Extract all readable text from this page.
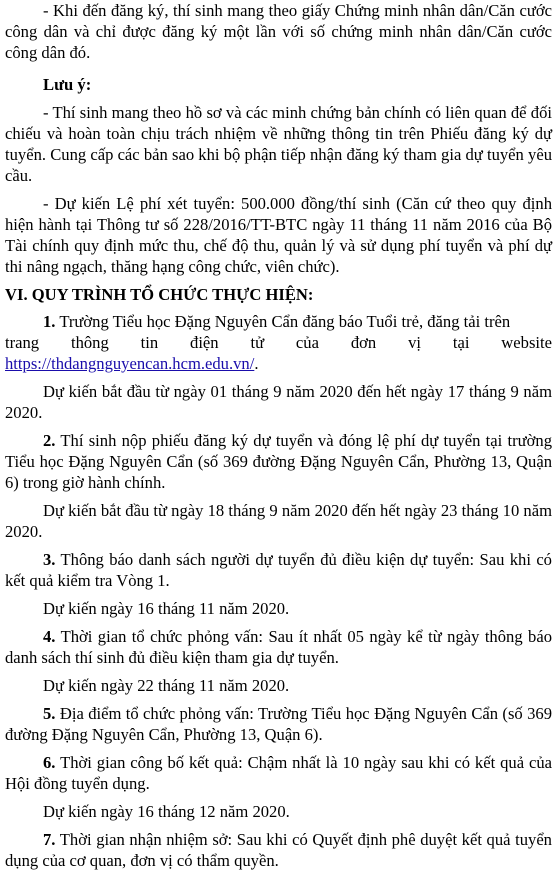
- Khi đến đăng ký, thí sinh mang theo giấy Chứng minh nhân dân/Căn cước công dân và chỉ được đăng ký một lần với số chứng minh nhân dân/Căn cước công dân đó.

Lưu ý:

- Thí sinh mang theo hồ sơ và các minh chứng bản chính có liên quan để đối chiếu và hoàn toàn chịu trách nhiệm về những thông tin trên Phiếu đăng ký dự tuyển. Cung cấp các bản sao khi bộ phận tiếp nhận đăng ký tham gia dự tuyển yêu cầu.

- Dự kiến Lệ phí xét tuyển: 500.000 đồng/thí sinh (Căn cứ theo quy định hiện hành tại Thông tư số 228/2016/TT-BTC ngày 11 tháng 11 năm 2016 của Bộ Tài chính quy định mức thu, chế độ thu, quản lý và sử dụng phí tuyển và phí dự thi nâng ngạch, thăng hạng công chức, viên chức).

VI. QUY TRÌNH TỔ CHỨC THỰC HIỆN:

1. Trường Tiểu học Đặng Nguyên Cẩn đăng báo Tuổi trẻ, đăng tải trên

trang thông tin điện tử của đơn vị tại website

https://thdangnguyencan.hcm.edu.vn/.

Dự kiến bắt đầu từ ngày 01 tháng 9 năm 2020 đến hết ngày 17 tháng 9 năm 2020.

2. Thí sinh nộp phiếu đăng ký dự tuyển và đóng lệ phí dự tuyển tại trường Tiểu học Đặng Nguyên Cẩn (số 369 đường Đặng Nguyên Cẩn, Phường 13, Quận 6) trong giờ hành chính.

Dự kiến bắt đầu từ ngày 18 tháng 9 năm 2020 đến hết ngày 23 tháng 10 năm 2020.

3. Thông báo danh sách người dự tuyển đủ điều kiện dự tuyển: Sau khi có kết quả kiểm tra Vòng 1.

Dự kiến ngày 16 tháng 11 năm 2020.

4. Thời gian tổ chức phỏng vấn: Sau ít nhất 05 ngày kể từ ngày thông báo danh sách thí sinh đủ điều kiện tham gia dự tuyển.

Dự kiến ngày 22 tháng 11 năm 2020.

5. Địa điểm tổ chức phỏng vấn: Trường Tiểu học Đặng Nguyên Cẩn (số 369 đường Đặng Nguyên Cẩn, Phường 13, Quận 6).

6. Thời gian công bố kết quả: Chậm nhất là 10 ngày sau khi có kết quả của Hội đồng tuyển dụng.

Dự kiến ngày 16 tháng 12 năm 2020.

7. Thời gian nhận nhiệm sở: Sau khi có Quyết định phê duyệt kết quả tuyển dụng của cơ quan, đơn vị có thẩm quyền.
